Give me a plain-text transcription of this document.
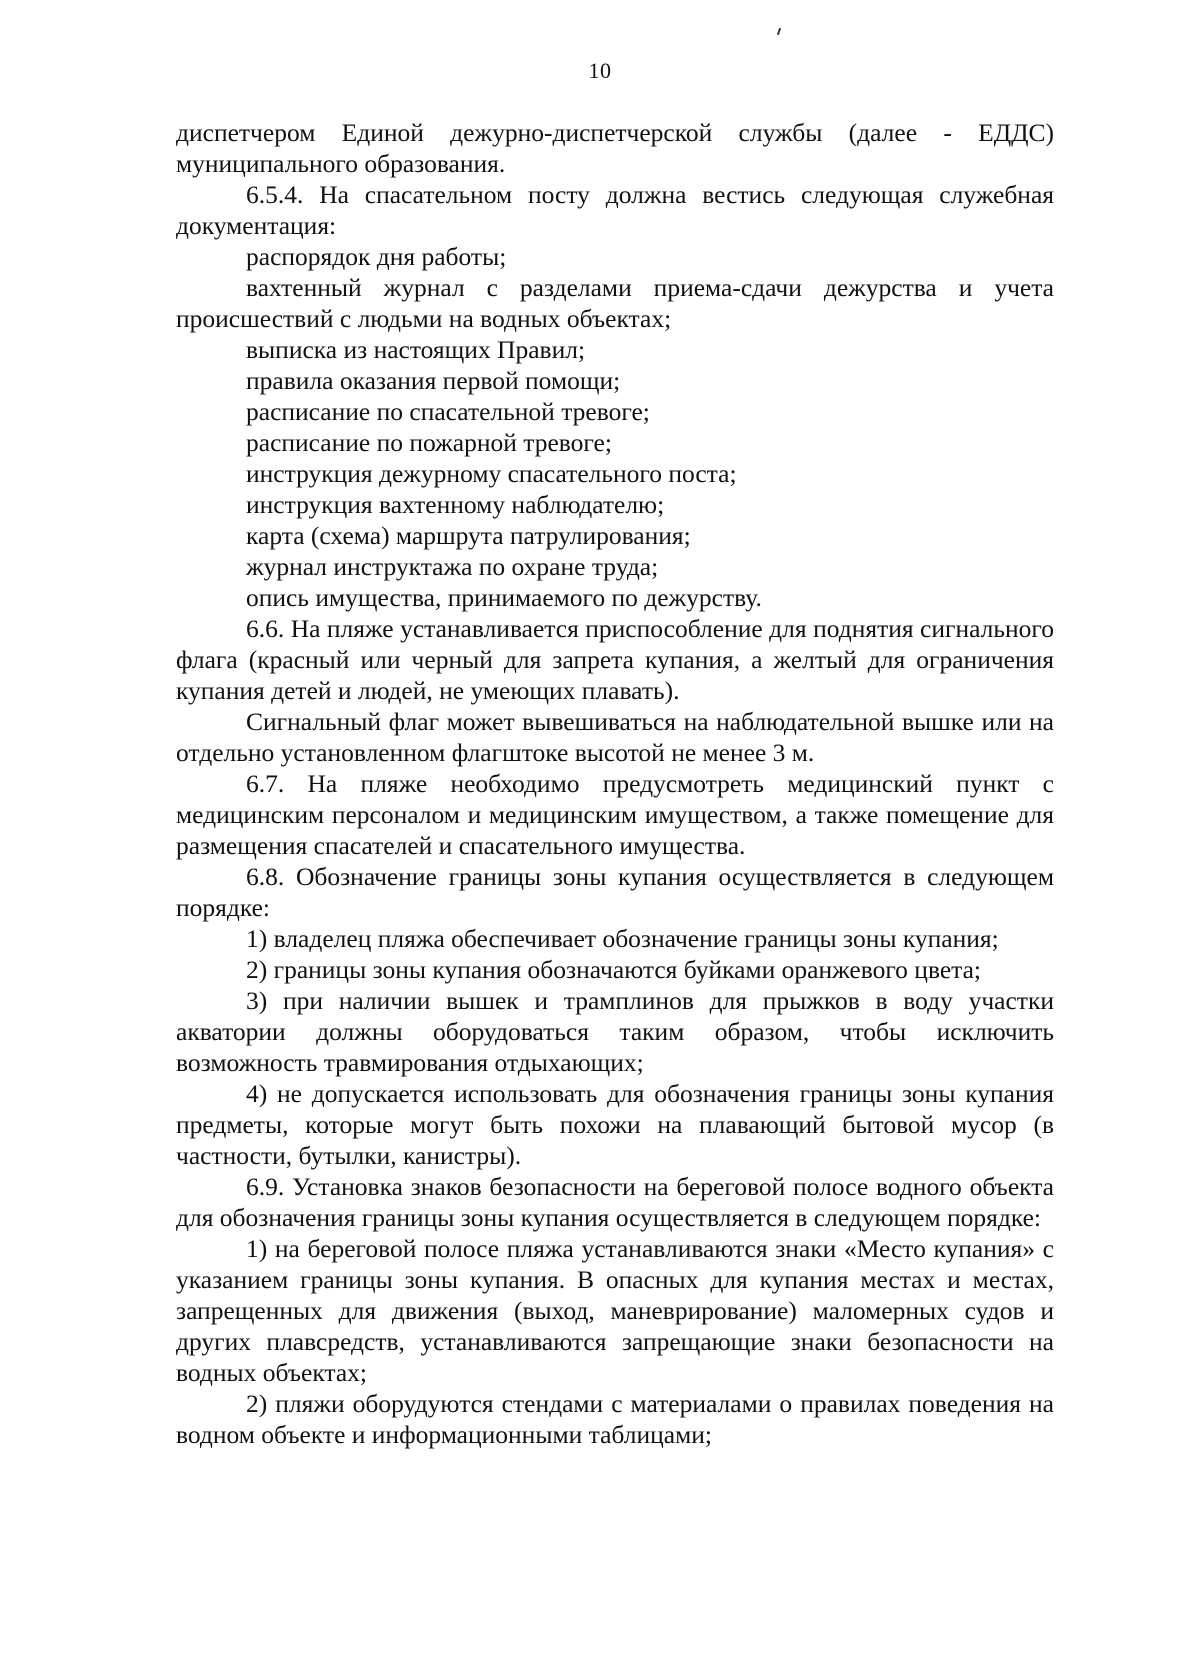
10

диспетчером Единой дежурно-диспетчерской службы (далее - ЕДДС) муниципального образования.

6.5.4. На спасательном посту должна вестись следующая служебная документация:

распорядок дня работы;

вахтенный журнал с разделами приема-сдачи дежурства и учета происшествий с людьми на водных объектах;

выписка из настоящих Правил;

правила оказания первой помощи;

расписание по спасательной тревоге;

расписание по пожарной тревоге;

инструкция дежурному спасательного поста;

инструкция вахтенному наблюдателю;

карта (схема) маршрута патрулирования;

журнал инструктажа по охране труда;

опись имущества, принимаемого по дежурству.

6.6. На пляже устанавливается приспособление для поднятия сигнального флага (красный или черный для запрета купания, а желтый для ограничения купания детей и людей, не умеющих плавать).

Сигнальный флаг может вывешиваться на наблюдательной вышке или на отдельно установленном флагштоке высотой не менее 3 м.

6.7. На пляже необходимо предусмотреть медицинский пункт с медицинским персоналом и медицинским имуществом, а также помещение для размещения спасателей и спасательного имущества.

6.8. Обозначение границы зоны купания осуществляется в следующем порядке:

1) владелец пляжа обеспечивает обозначение границы зоны купания;

2) границы зоны купания обозначаются буйками оранжевого цвета;

3) при наличии вышек и трамплинов для прыжков в воду участки акватории должны оборудоваться таким образом, чтобы исключить возможность травмирования отдыхающих;

4) не допускается использовать для обозначения границы зоны купания предметы, которые могут быть похожи на плавающий бытовой мусор (в частности, бутылки, канистры).

6.9. Установка знаков безопасности на береговой полосе водного объекта для обозначения границы зоны купания осуществляется в следующем порядке:

1) на береговой полосе пляжа устанавливаются знаки «Место купания» с указанием границы зоны купания. В опасных для купания местах и местах, запрещенных для движения (выход, маневрирование) маломерных судов и других плавсредств, устанавливаются запрещающие знаки безопасности на водных объектах;

2) пляжи оборудуются стендами с материалами о правилах поведения на водном объекте и информационными таблицами;
